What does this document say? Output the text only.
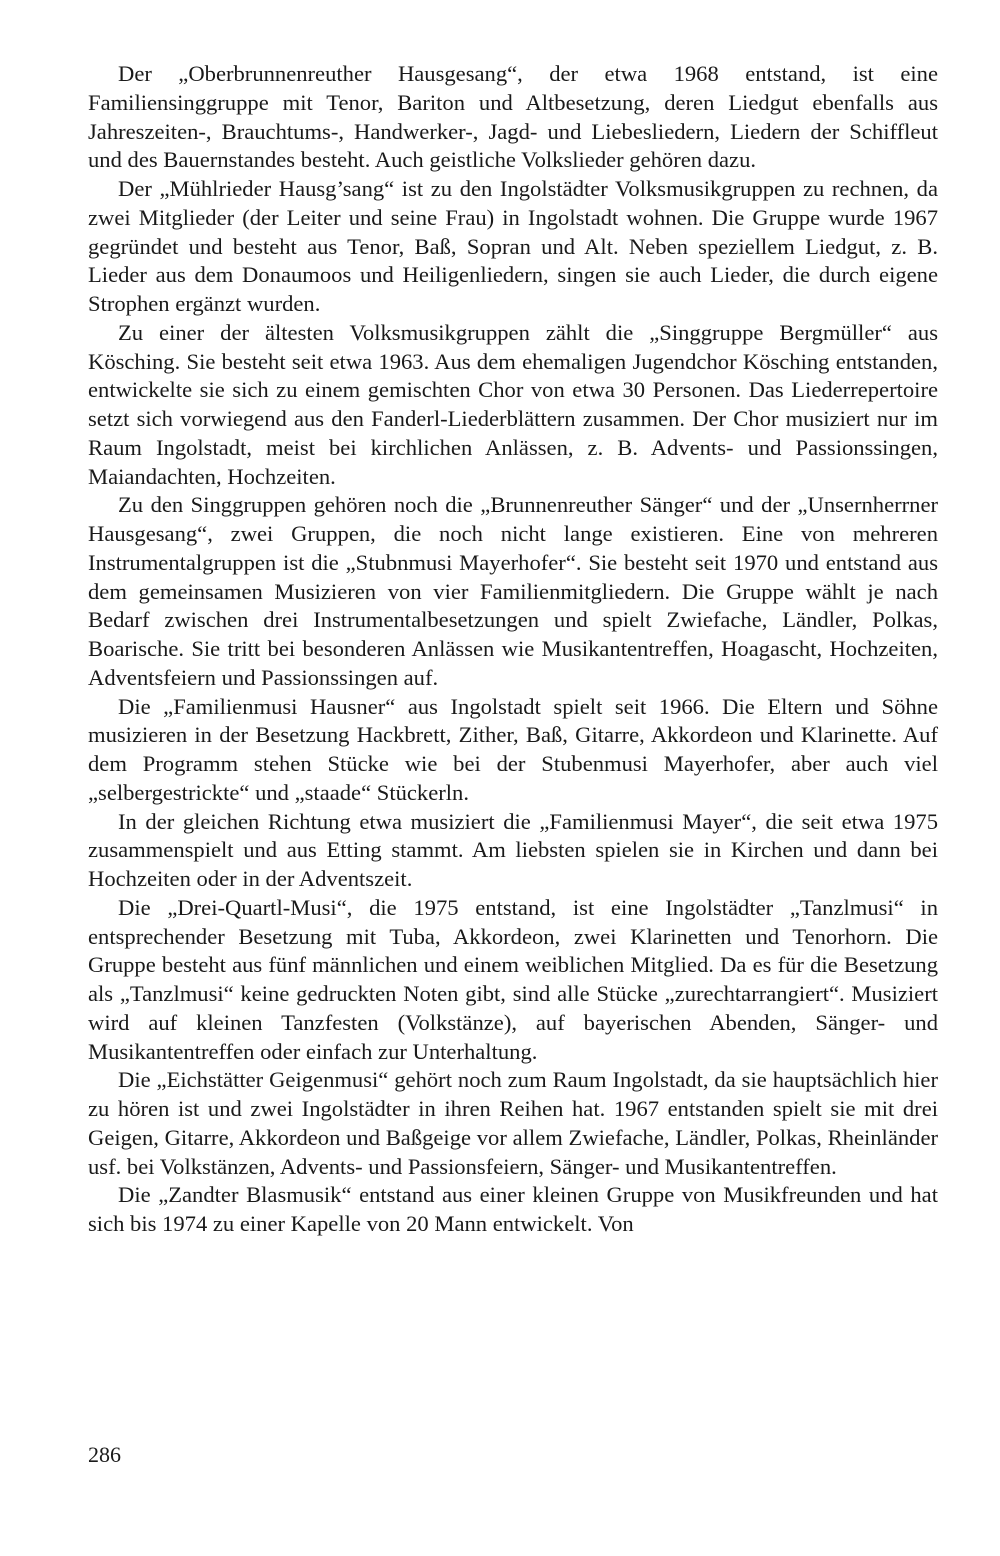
Der „Oberbrunnenreuther Hausgesang“, der etwa 1968 entstand, ist eine Familiensinggruppe mit Tenor, Bariton und Altbesetzung, deren Liedgut ebenfalls aus Jahreszeiten-, Brauchtums-, Handwerker-, Jagd- und Liebesliedern, Liedern der Schiffleut und des Bauernstandes besteht. Auch geistliche Volkslieder gehören dazu.

Der „Mühlrieder Hausg’sang“ ist zu den Ingolstädter Volksmusikgruppen zu rechnen, da zwei Mitglieder (der Leiter und seine Frau) in Ingolstadt wohnen. Die Gruppe wurde 1967 gegründet und besteht aus Tenor, Baß, Sopran und Alt. Neben speziellem Liedgut, z. B. Lieder aus dem Donaumoos und Heiligenliedern, singen sie auch Lieder, die durch eigene Strophen ergänzt wurden.

Zu einer der ältesten Volksmusikgruppen zählt die „Singgruppe Bergmüller“ aus Kösching. Sie besteht seit etwa 1963. Aus dem ehemaligen Jugendchor Kösching entstanden, entwickelte sie sich zu einem gemischten Chor von etwa 30 Personen. Das Liederrepertoire setzt sich vorwiegend aus den Fanderl-Liederblättern zusammen. Der Chor musiziert nur im Raum Ingolstadt, meist bei kirchlichen Anlässen, z. B. Advents- und Passionssingen, Maiandachten, Hochzeiten.

Zu den Singgruppen gehören noch die „Brunnenreuther Sänger“ und der „Unsernherrner Hausgesang“, zwei Gruppen, die noch nicht lange existieren. Eine von mehreren Instrumentalgruppen ist die „Stubnmusi Mayerhofer“. Sie besteht seit 1970 und entstand aus dem gemeinsamen Musizieren von vier Familienmitgliedern. Die Gruppe wählt je nach Bedarf zwischen drei Instrumentalbesetzungen und spielt Zwiefache, Ländler, Polkas, Boarische. Sie tritt bei besonderen Anlässen wie Musikantentreffen, Hoagascht, Hochzeiten, Adventsfeiern und Passionssingen auf.

Die „Familienmusi Hausner“ aus Ingolstadt spielt seit 1966. Die Eltern und Söhne musizieren in der Besetzung Hackbrett, Zither, Baß, Gitarre, Akkordeon und Klarinette. Auf dem Programm stehen Stücke wie bei der Stubenmusi Mayerhofer, aber auch viel „selbergestrickte“ und „staade“ Stückerln.

In der gleichen Richtung etwa musiziert die „Familienmusi Mayer“, die seit etwa 1975 zusammenspielt und aus Etting stammt. Am liebsten spielen sie in Kirchen und dann bei Hochzeiten oder in der Adventszeit.

Die „Drei-Quartl-Musi“, die 1975 entstand, ist eine Ingolstädter „Tanzlmusi“ in entsprechender Besetzung mit Tuba, Akkordeon, zwei Klarinetten und Tenorhorn. Die Gruppe besteht aus fünf männlichen und einem weiblichen Mitglied. Da es für die Besetzung als „Tanzlmusi“ keine gedruckten Noten gibt, sind alle Stücke „zurechtarrangiert“. Musiziert wird auf kleinen Tanzfesten (Volkstänze), auf bayerischen Abenden, Sänger- und Musikantentreffen oder einfach zur Unterhaltung.

Die „Eichstätter Geigenmusi“ gehört noch zum Raum Ingolstadt, da sie hauptsächlich hier zu hören ist und zwei Ingolstädter in ihren Reihen hat. 1967 entstanden spielt sie mit drei Geigen, Gitarre, Akkordeon und Baßgeige vor allem Zwiefache, Ländler, Polkas, Rheinländer usf. bei Volkstänzen, Advents- und Passionsfeiern, Sänger- und Musikantentreffen.

Die „Zandter Blasmusik“ entstand aus einer kleinen Gruppe von Musikfreunden und hat sich bis 1974 zu einer Kapelle von 20 Mann entwickelt. Von

286
